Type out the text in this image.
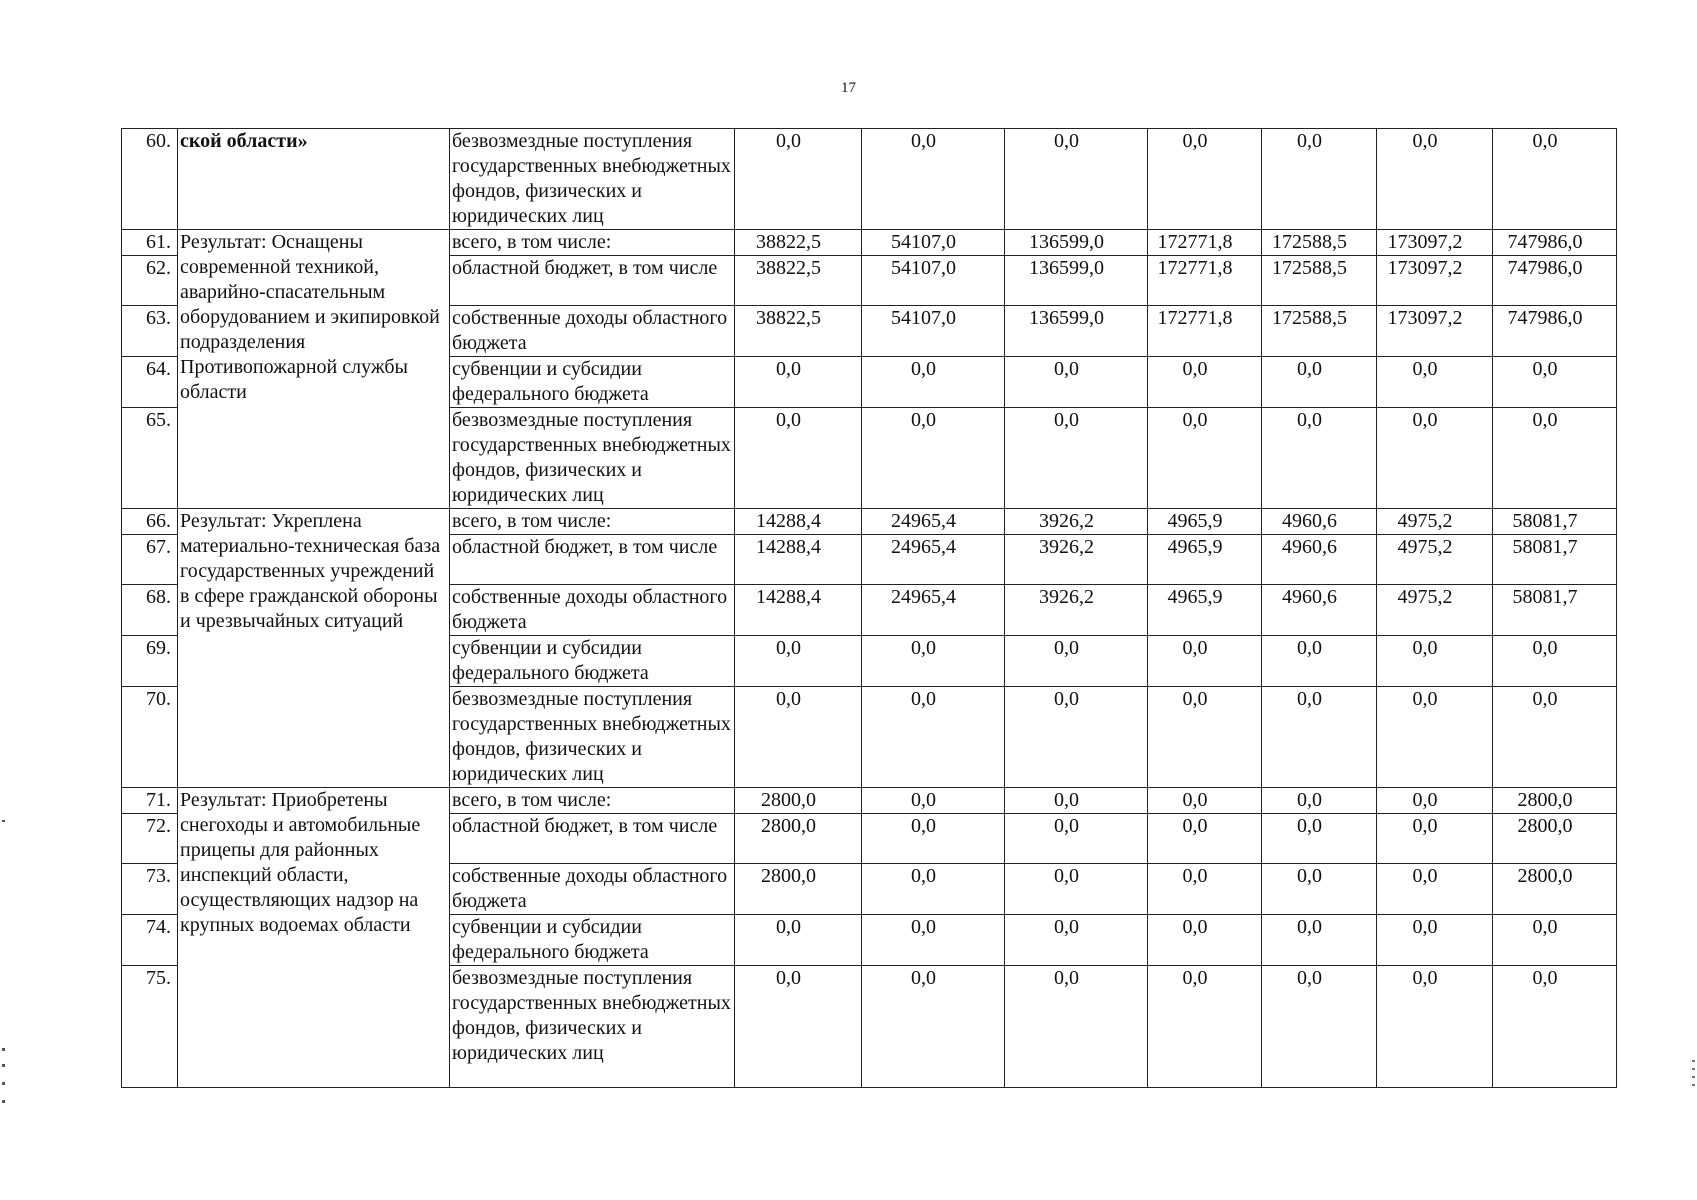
17
60.	ской области»	безвозмездные поступления государственных внебюджетных фондов, физических и юридических лиц	0,0	0,0	0,0	0,0	0,0	0,0	0,0
61.	Результат: Оснащены современной техникой, аварийно-спасательным оборудованием и экипировкой подразделения Противопожарной службы области	всего, в том числе:	38822,5	54107,0	136599,0	172771,8	172588,5	173097,2	747986,0
62.		областной бюджет, в том числе	38822,5	54107,0	136599,0	172771,8	172588,5	173097,2	747986,0
63.		собственные доходы областного бюджета	38822,5	54107,0	136599,0	172771,8	172588,5	173097,2	747986,0
64.		субвенции и субсидии федерального бюджета	0,0	0,0	0,0	0,0	0,0	0,0	0,0
65.		безвозмездные поступления государственных внебюджетных фондов, физических и юридических лиц	0,0	0,0	0,0	0,0	0,0	0,0	0,0
66.	Результат: Укреплена материально-техническая база государственных учреждений в сфере гражданской обороны и чрезвычайных ситуаций	всего, в том числе:	14288,4	24965,4	3926,2	4965,9	4960,6	4975,2	58081,7
67.		областной бюджет, в том числе	14288,4	24965,4	3926,2	4965,9	4960,6	4975,2	58081,7
68.		собственные доходы областного бюджета	14288,4	24965,4	3926,2	4965,9	4960,6	4975,2	58081,7
69.		субвенции и субсидии федерального бюджета	0,0	0,0	0,0	0,0	0,0	0,0	0,0
70.		безвозмездные поступления государственных внебюджетных фондов, физических и юридических лиц	0,0	0,0	0,0	0,0	0,0	0,0	0,0
71.	Результат: Приобретены снегоходы и автомобильные прицепы для районных инспекций области, осуществляющих надзор на крупных водоемах области	всего, в том числе:	2800,0	0,0	0,0	0,0	0,0	0,0	2800,0
72.		областной бюджет, в том числе	2800,0	0,0	0,0	0,0	0,0	0,0	2800,0
73.		собственные доходы областного бюджета	2800,0	0,0	0,0	0,0	0,0	0,0	2800,0
74.		субвенции и субсидии федерального бюджета	0,0	0,0	0,0	0,0	0,0	0,0	0,0
75.		безвозмездные поступления государственных внебюджетных фондов, физических и юридических лиц	0,0	0,0	0,0	0,0	0,0	0,0	0,0
